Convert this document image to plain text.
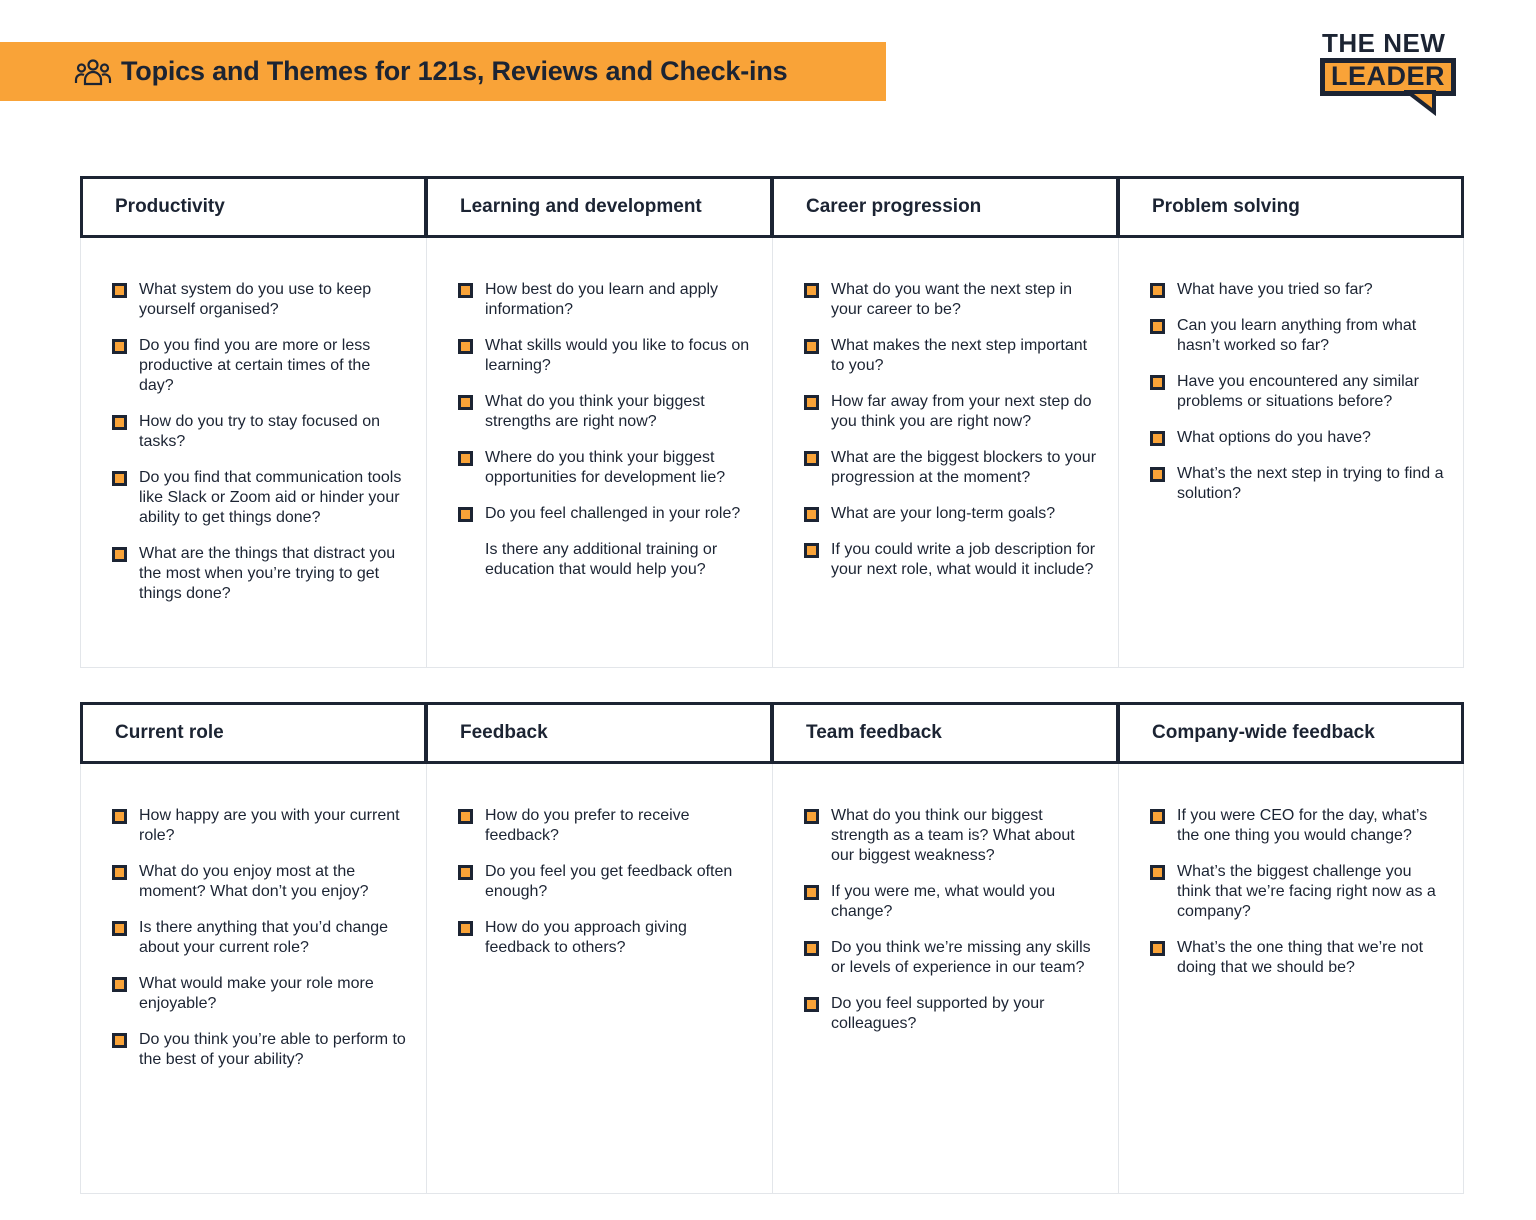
Topics and Themes for 121s, Reviews and Check-ins
THE NEW
LEADER
Productivity
What system do you use to keep yourself organised?
Do you find you are more or less productive at certain times of the day?
How do you try to stay focused on tasks?
Do you find that communication tools like Slack or Zoom aid or hinder your ability to get things done?
What are the things that distract you the most when you’re trying to get things done?
Learning and development
How best do you learn and apply information?
What skills would you like to focus on learning?
What do you think your biggest strengths are right now?
Where do you think your biggest opportunities for development lie?
Do you feel challenged in your role?
Is there any additional training or education that would help you?
Career progression
What do you want the next step in your career to be?
What makes the next step important to you?
How far away from your next step do you think you are right now?
What are the biggest blockers to your progression at the moment?
What are your long-term goals?
If you could write a job description for your next role, what would it include?
Problem solving
What have you tried so far?
Can you learn anything from what hasn’t worked so far?
Have you encountered any similar problems or situations before?
What options do you have?
What’s the next step in trying to find a solution?
Current role
How happy are you with your current role?
What do you enjoy most at the moment? What don’t you enjoy?
Is there anything that you’d change about your current role?
What would make your role more enjoyable?
Do you think you’re able to perform to the best of your ability?
Feedback
How do you prefer to receive feedback?
Do you feel you get feedback often enough?
How do you approach giving feedback to others?
Team feedback
What do you think our biggest strength as a team is? What about our biggest weakness?
If you were me, what would you change?
Do you think we’re missing any skills or levels of experience in our team?
Do you feel supported by your colleagues?
Company-wide feedback
If you were CEO for the day, what’s the one thing you would change?
What’s the biggest challenge you think that we’re facing right now as a company?
What’s the one thing that we’re not doing that we should be?
